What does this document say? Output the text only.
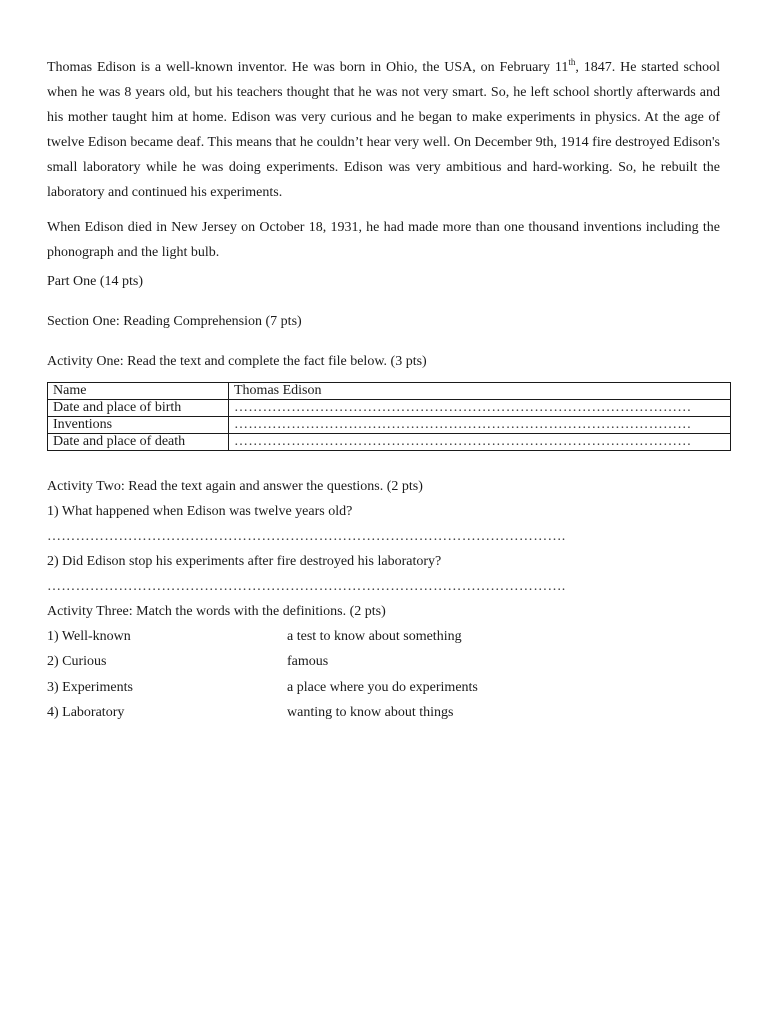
Thomas Edison is a well-known inventor. He was born in Ohio, the USA, on February 11th, 1847. He started school when he was 8 years old, but his teachers thought that he was not very smart. So, he left school shortly afterwards and his mother taught him at home. Edison was very curious and he began to make experiments in physics. At the age of twelve Edison became deaf. This means that he couldn’t hear very well. On December 9th, 1914 fire destroyed Edison's small laboratory while he was doing experiments. Edison was very ambitious and hard-working. So, he rebuilt the laboratory and continued his experiments.

When Edison died in New Jersey on October 18, 1931, he had made more than one thousand inventions including the phonograph and the light bulb.

Part One (14 pts)

Section One: Reading Comprehension (7 pts)

Activity One: Read the text and complete the fact file below. (3 pts)

Name	Thomas Edison
Date and place of birth	……………………………………………………………………………………
Inventions	……………………………………………………………………………………
Date and place of death	……………………………………………………………………………………

Activity Two: Read the text again and answer the questions. (2 pts)

1) What happened when Edison was twelve years old?

……………………………………………………………………………………………….

2) Did Edison stop his experiments after fire destroyed his laboratory?

……………………………………………………………………………………………….

Activity Three: Match the words with the definitions. (2 pts)

1) Well-known	a test to know about something
2) Curious	famous
3) Experiments	a place where you do experiments
4) Laboratory	wanting to know about things
